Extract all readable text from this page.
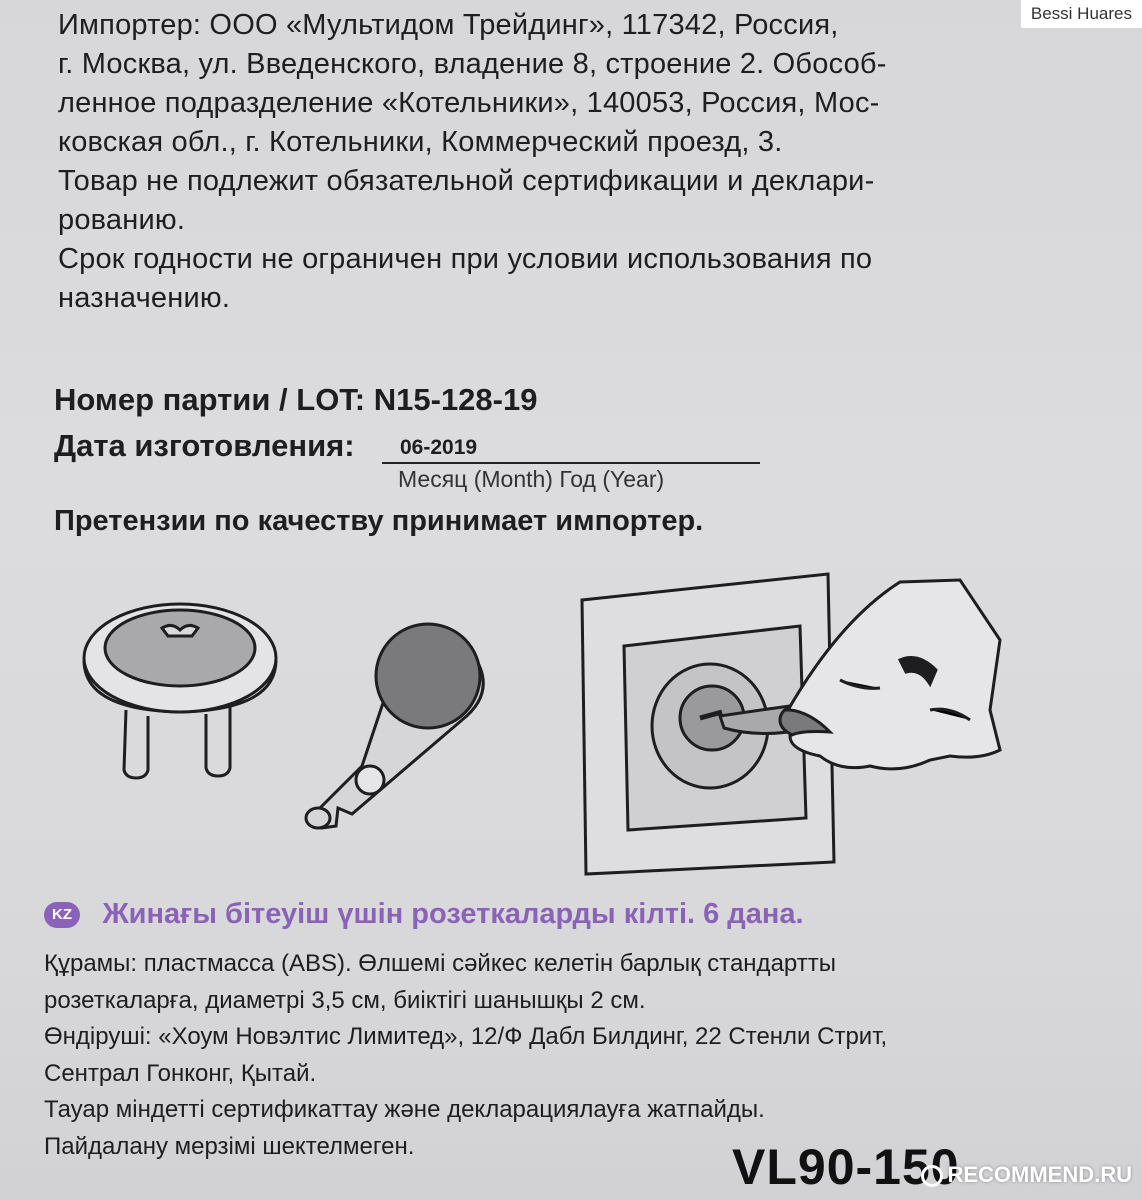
Bessi Huares
Импортер: ООО «Мультидом Трейдинг», 117342, Россия,
г. Москва, ул. Введенского, владение 8, строение 2. Обособ-
ленное подразделение «Котельники», 140053, Россия, Мос-
ковская обл., г. Котельники, Коммерческий проезд, 3.
Товар не подлежит обязательной сертификации и деклари-
рованию.
Срок годности не ограничен при условии использования по
назначению.
Номер партии / LOT: N15-128-19
Дата изготовления: 06-2019
Месяц (Month) Год (Year)
Претензии по качеству принимает импортер.
KZ Жинағы бітеуіш үшін розеткаларды кілті. 6 дана.
Құрамы: пластмасса (ABS). Өлшемі сәйкес келетін барлық стандартты
розеткаларға, диаметрі 3,5 см, биіктігі шанышқы 2 см.
Өндіруші: «Хоум Новэлтис Лимитед», 12/Ф Дабл Билдинг, 22 Стенли Стрит,
Сентрал Гонконг, Қытай.
Тауар міндетті сертификаттау және декларациялауға жатпайды.
Пайдалану мерзімі шектелмеген.	VL90-150
RECOMMEND.RU
